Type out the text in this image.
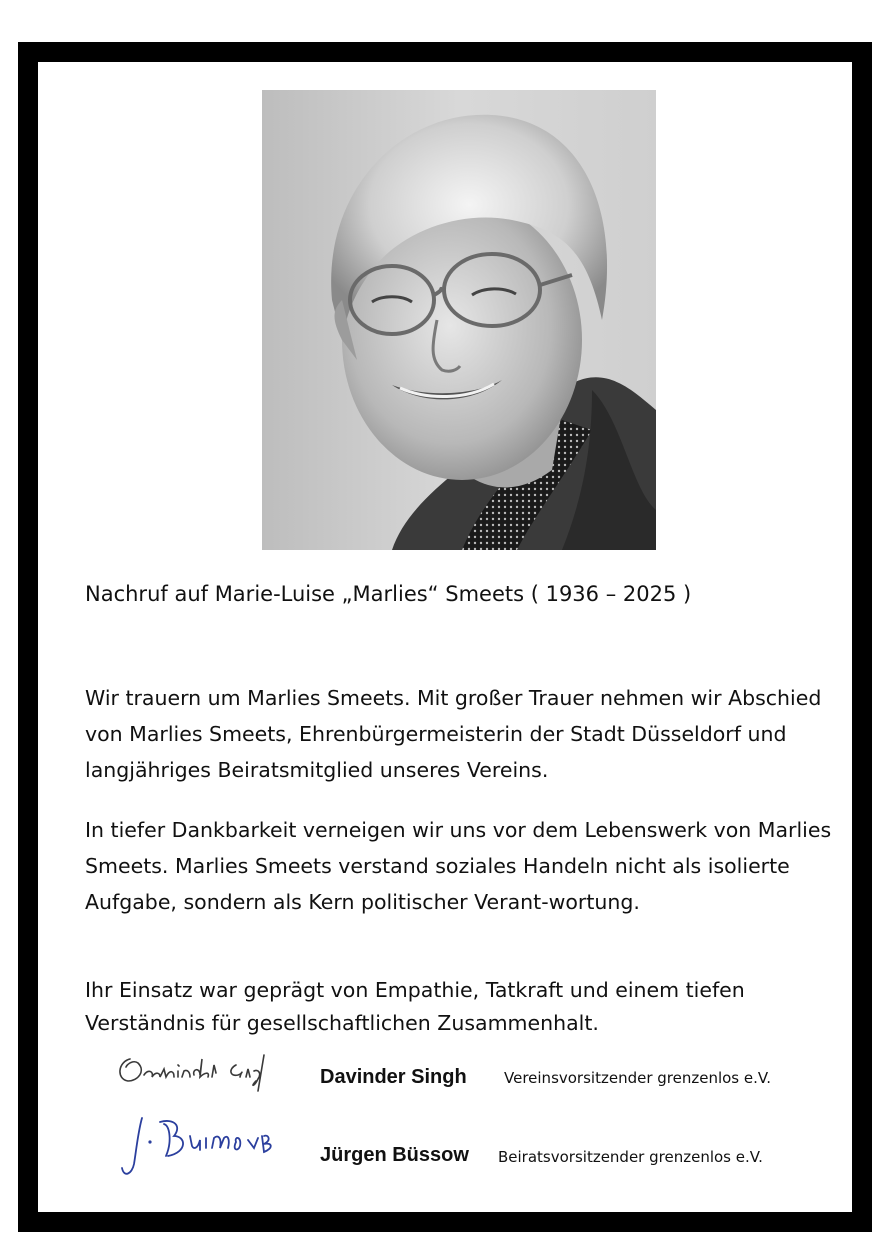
Nachruf auf Marie-Luise „Marlies“ Smeets ( 1936 – 2025 )

Wir trauern um Marlies Smeets. Mit großer Trauer nehmen wir Abschied von Marlies Smeets, Ehrenbürgermeisterin der Stadt Düsseldorf und langjähriges Beiratsmitglied unseres Vereins.

In tiefer Dankbarkeit verneigen wir uns vor dem Lebenswerk von Marlies Smeets. Marlies Smeets verstand soziales Handeln nicht als isolierte Aufgabe, sondern als Kern politischer Verant-wortung.

Ihr Einsatz war geprägt von Empathie, Tatkraft und einem tiefen Verständnis für gesellschaftlichen Zusammenhalt.

Davinder Singh Vereinsvorsitzender grenzenlos e.V.
Jürgen Büssow Beiratsvorsitzender grenzenlos e.V.
